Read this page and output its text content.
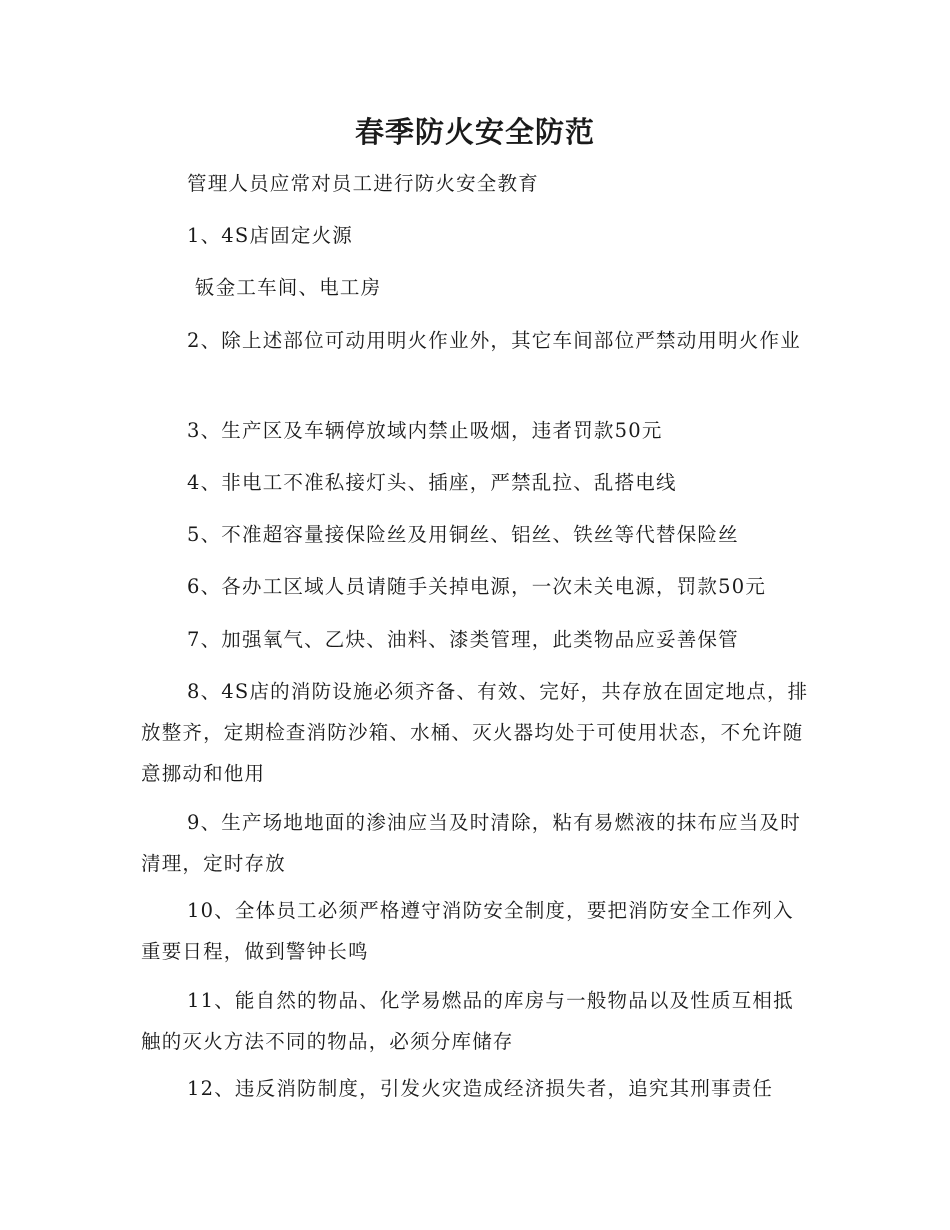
春季防火安全防范

管理人员应常对员工进行防火安全教育

1、4S店固定火源

钣金工车间、电工房

2、除上述部位可动用明火作业外，其它车间部位严禁动用明火作业

3、生产区及车辆停放域内禁止吸烟，违者罚款50元

4、非电工不准私接灯头、插座，严禁乱拉、乱搭电线

5、不准超容量接保险丝及用铜丝、铝丝、铁丝等代替保险丝

6、各办工区域人员请随手关掉电源，一次未关电源，罚款50元

7、加强氧气、乙炔、油料、漆类管理，此类物品应妥善保管

8、4S店的消防设施必须齐备、有效、完好，共存放在固定地点，排放整齐，定期检查消防沙箱、水桶、灭火器均处于可使用状态，不允许随意挪动和他用

9、生产场地地面的渗油应当及时清除，粘有易燃液的抹布应当及时清理，定时存放

10、全体员工必须严格遵守消防安全制度，要把消防安全工作列入重要日程，做到警钟长鸣

11、能自然的物品、化学易燃品的库房与一般物品以及性质互相抵触的灭火方法不同的物品，必须分库储存

12、违反消防制度，引发火灾造成经济损失者，追究其刑事责任
